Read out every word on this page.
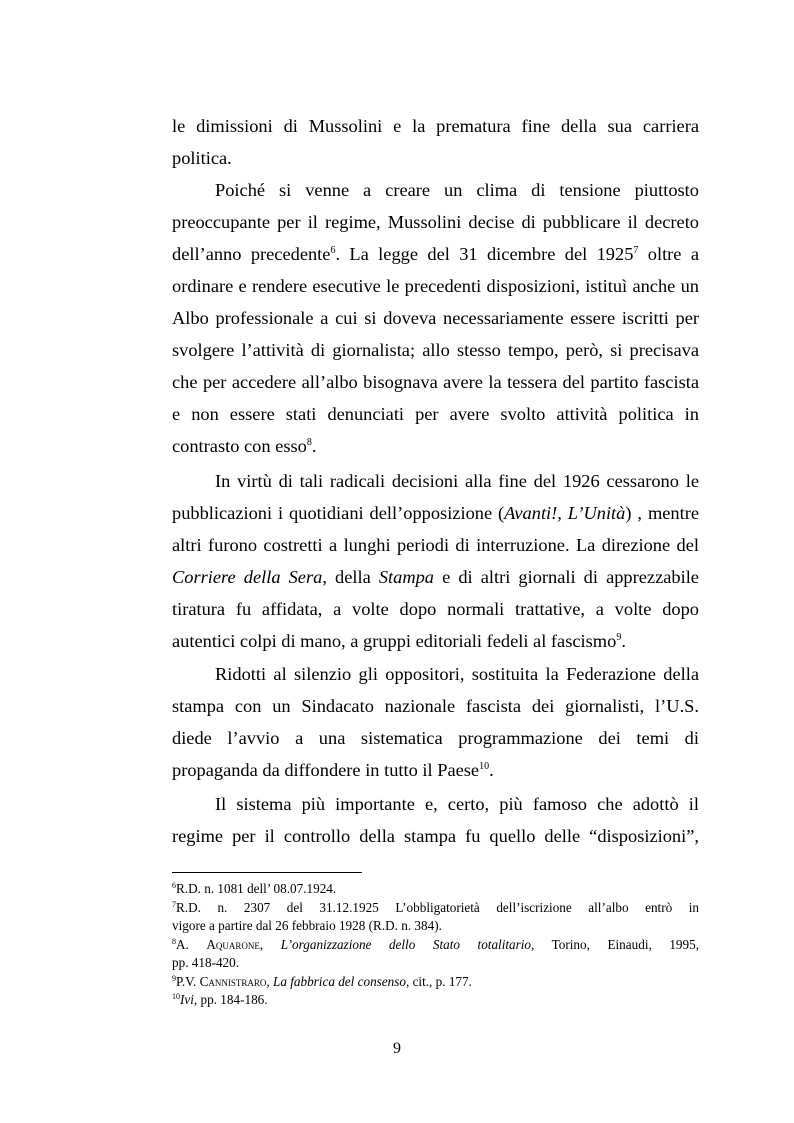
le dimissioni di Mussolini e la prematura fine della sua carriera
politica.
Poiché si venne a creare un clima di tensione piuttosto
preoccupante per il regime, Mussolini decise di pubblicare il decreto
dell’anno precedente$^6$. La legge del 31 dicembre del 1925$^7$ oltre a
ordinare e rendere esecutive le precedenti disposizioni, istituì anche un
Albo professionale a cui si doveva necessariamente essere iscritti per
svolgere l’attività di giornalista; allo stesso tempo, però, si precisava
che per accedere all’albo bisognava avere la tessera del partito fascista
e non essere stati denunciati per avere svolto attività politica in
contrasto con esso$^8$.
In virtù di tali radicali decisioni alla fine del 1926 cessarono le
pubblicazioni i quotidiani dell’opposizione (Avanti!, L’Unità) , mentre
altri furono costretti a lunghi periodi di interruzione. La direzione del
Corriere della Sera, della Stampa e di altri giornali di apprezzabile
tiratura fu affidata, a volte dopo normali trattative, a volte dopo
autentici colpi di mano, a gruppi editoriali fedeli al fascismo$^9$.
Ridotti al silenzio gli oppositori, sostituita la Federazione della
stampa con un Sindacato nazionale fascista dei giornalisti, l’U.S.
diede l’avvio a una sistematica programmazione dei temi di
propaganda da diffondere in tutto il Paese$^{10}$.
Il sistema più importante e, certo, più famoso che adottò il
regime per il controllo della stampa fu quello delle “disposizioni”,
$^6$R.D. n. 1081 dell’ 08.07.1924.
$^7$R.D. n. 2307 del 31.12.1925 L’obbligatorietà dell’iscrizione all’albo entrò in
vigore a partire dal 26 febbraio 1928 (R.D. n. 384).
$^8$A. Aquarone, L’organizzazione dello Stato totalitario, Torino, Einaudi, 1995,
pp. 418-420.
$^9$P.V. Cannistraro, La fabbrica del consenso, cit., p. 177.
$^{10}$Ivi, pp. 184-186.
9
